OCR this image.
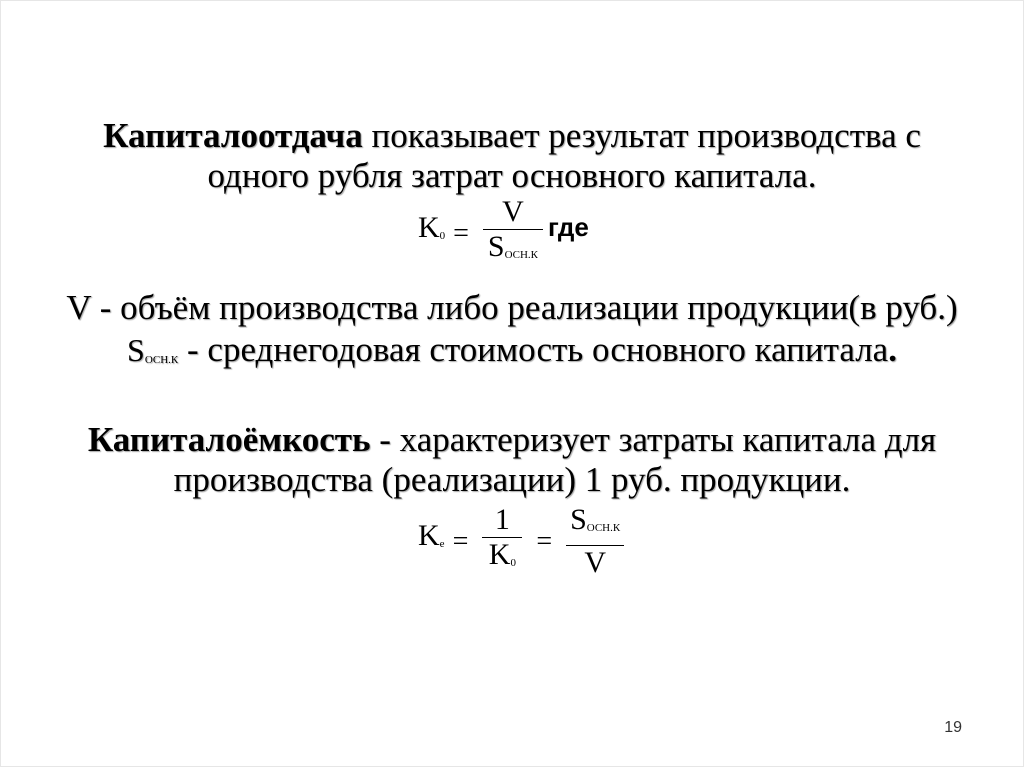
Капиталоотдача показывает результат производства с
одного рубля затрат основного капитала.
$K0 = \frac{V}{\text{SОСН.К}}$ где
V - объём производства либо реализации продукции(в руб.)
SОСН.К - среднегодовая стоимость основного капитала.
Капиталоёмкость - характеризует затраты капитала для
производства (реализации) 1 руб. продукции.
$Ke = \frac{1}{K0} = \frac{\text{SОСН.К}}{V}$
19
